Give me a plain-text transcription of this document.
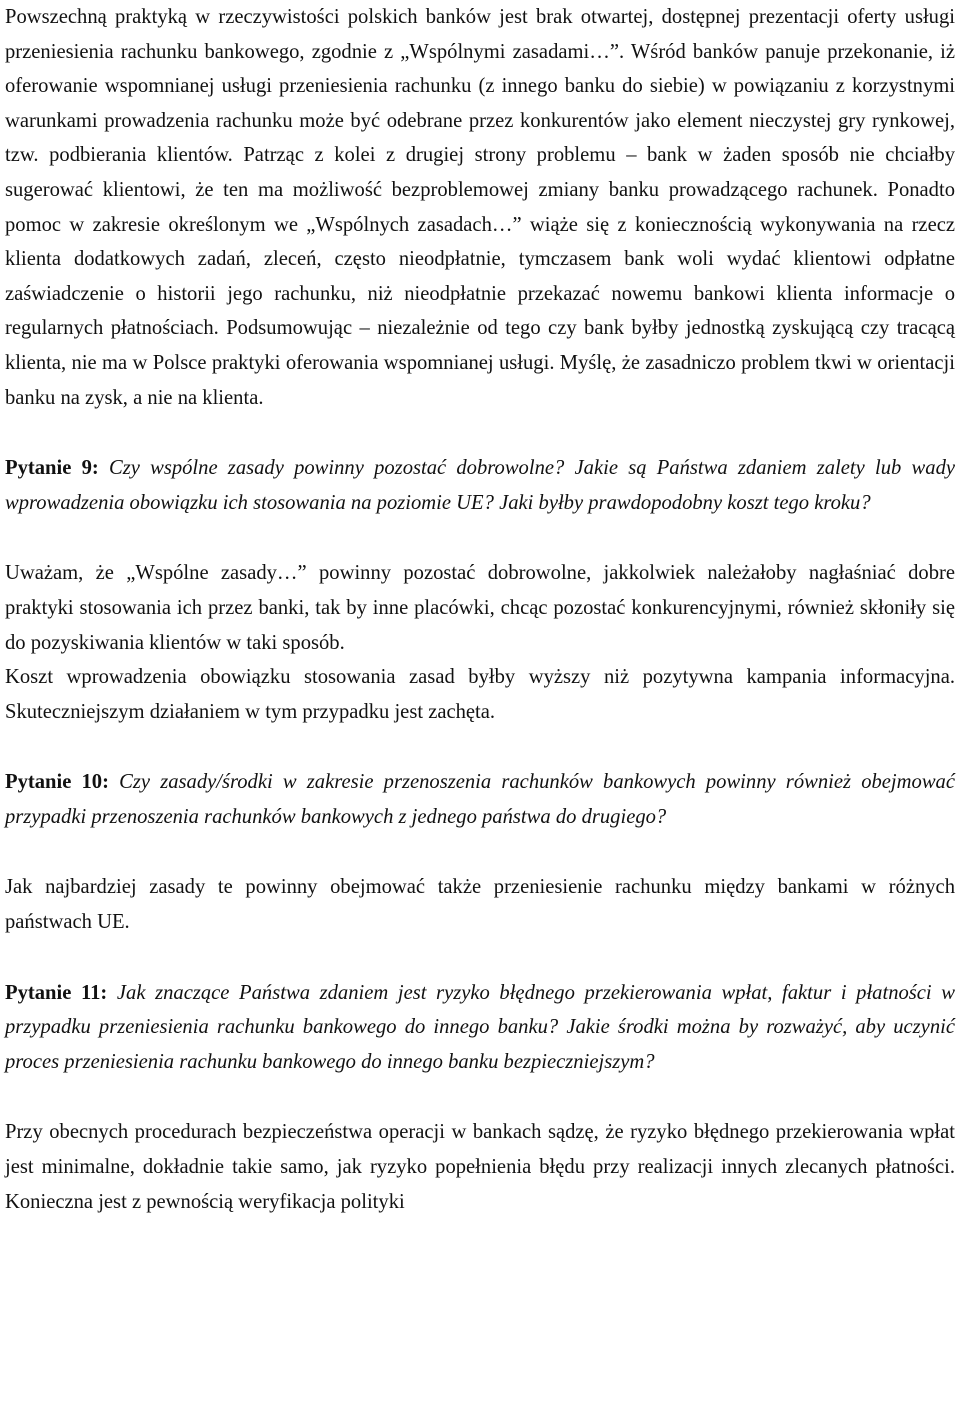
Powszechną praktyką w rzeczywistości polskich banków jest brak otwartej, dostępnej prezentacji oferty usługi przeniesienia rachunku bankowego, zgodnie z „Wspólnymi zasadami…”. Wśród banków panuje przekonanie, iż oferowanie wspomnianej usługi przeniesienia rachunku (z innego banku do siebie) w powiązaniu z korzystnymi warunkami prowadzenia rachunku może być odebrane przez konkurentów jako element nieczystej gry rynkowej, tzw. podbierania klientów. Patrząc z kolei z drugiej strony problemu – bank w żaden sposób nie chciałby sugerować klientowi, że ten ma możliwość bezproblemowej zmiany banku prowadzącego rachunek. Ponadto pomoc w zakresie określonym we „Wspólnych zasadach…” wiąże się z koniecznością wykonywania na rzecz klienta dodatkowych zadań, zleceń, często nieodpłatnie, tymczasem bank woli wydać klientowi odpłatne zaświadczenie o historii jego rachunku, niż nieodpłatnie przekazać nowemu bankowi klienta informacje o regularnych płatnościach. Podsumowując – niezależnie od tego czy bank byłby jednostką zyskującą czy tracącą klienta, nie ma w Polsce praktyki oferowania wspomnianej usługi. Myślę, że zasadniczo problem tkwi w orientacji banku na zysk, a nie na klienta.

Pytanie 9: Czy wspólne zasady powinny pozostać dobrowolne? Jakie są Państwa zdaniem zalety lub wady wprowadzenia obowiązku ich stosowania na poziomie UE? Jaki byłby prawdopodobny koszt tego kroku?

Uważam, że „Wspólne zasady…” powinny pozostać dobrowolne, jakkolwiek należałoby nagłaśniać dobre praktyki stosowania ich przez banki, tak by inne placówki, chcąc pozostać konkurencyjnymi, również skłoniły się do pozyskiwania klientów w taki sposób.

Koszt wprowadzenia obowiązku stosowania zasad byłby wyższy niż pozytywna kampania informacyjna. Skuteczniejszym działaniem w tym przypadku jest zachęta.

Pytanie 10: Czy zasady/środki w zakresie przenoszenia rachunków bankowych powinny również obejmować przypadki przenoszenia rachunków bankowych z jednego państwa do drugiego?

Jak najbardziej zasady te powinny obejmować także przeniesienie rachunku między bankami w różnych państwach UE.

Pytanie 11: Jak znaczące Państwa zdaniem jest ryzyko błędnego przekierowania wpłat, faktur i płatności w przypadku przeniesienia rachunku bankowego do innego banku? Jakie środki można by rozważyć, aby uczynić proces przeniesienia rachunku bankowego do innego banku bezpieczniejszym?

Przy obecnych procedurach bezpieczeństwa operacji w bankach sądzę, że ryzyko błędnego przekierowania wpłat jest minimalne, dokładnie takie samo, jak ryzyko popełnienia błędu przy realizacji innych zlecanych płatności. Konieczna jest z pewnością weryfikacja polityki
